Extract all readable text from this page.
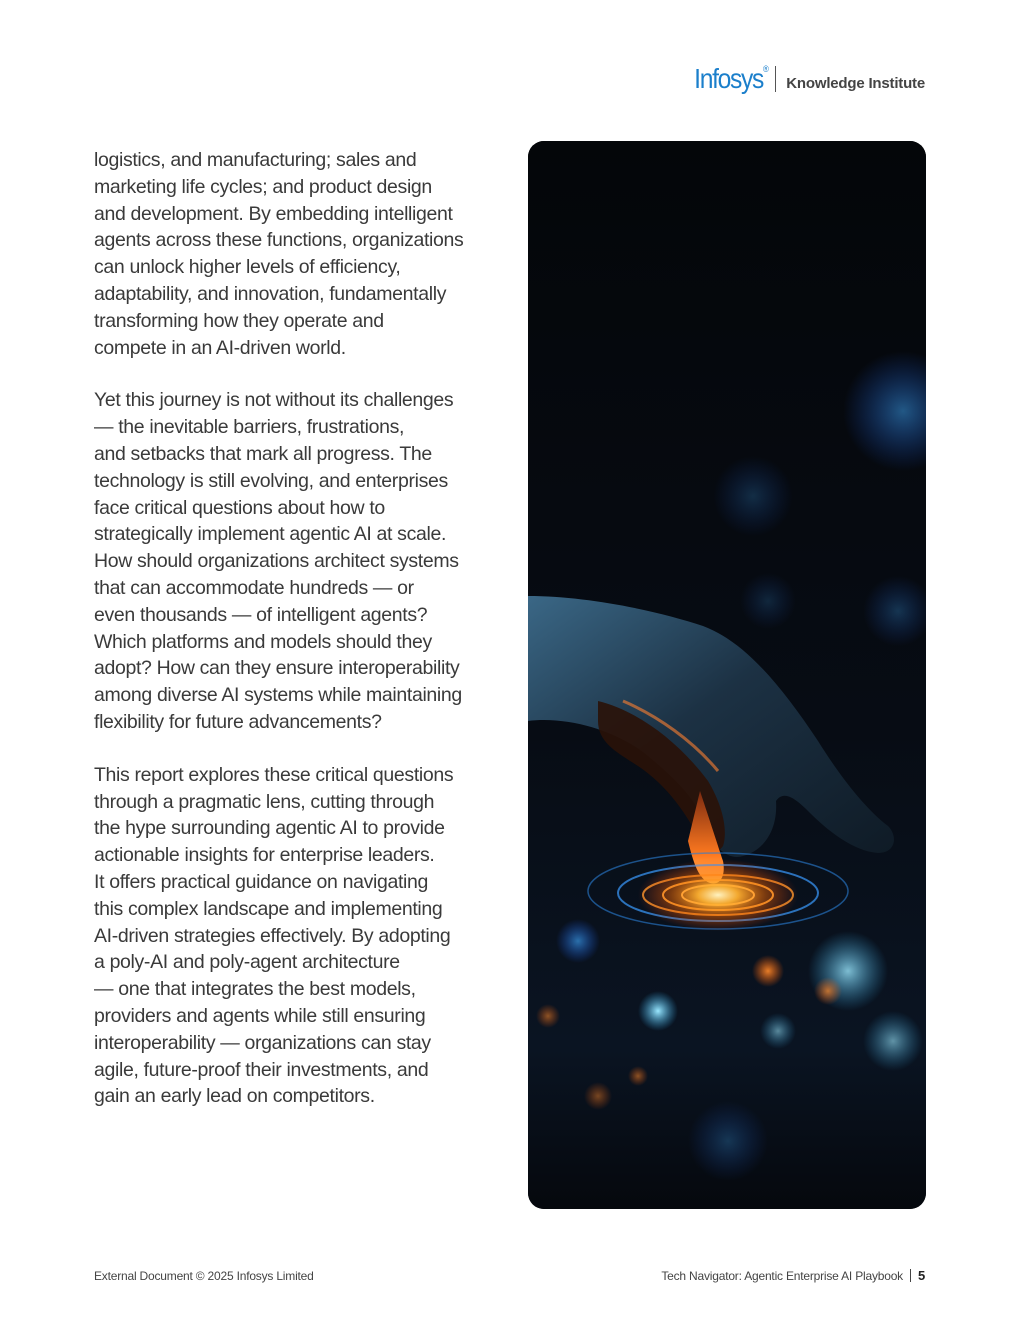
Infosys®
Knowledge Institute

logistics, and manufacturing; sales and
marketing life cycles; and product design
and development. By embedding intelligent
agents across these functions, organizations
can unlock higher levels of efficiency,
adaptability, and innovation, fundamentally
transforming how they operate and
compete in an AI-driven world.

Yet this journey is not without its challenges
— the inevitable barriers, frustrations,
and setbacks that mark all progress. The
technology is still evolving, and enterprises
face critical questions about how to
strategically implement agentic AI at scale.
How should organizations architect systems
that can accommodate hundreds — or
even thousands — of intelligent agents?
Which platforms and models should they
adopt? How can they ensure interoperability
among diverse AI systems while maintaining
flexibility for future advancements?

This report explores these critical questions
through a pragmatic lens, cutting through
the hype surrounding agentic AI to provide
actionable insights for enterprise leaders.
It offers practical guidance on navigating
this complex landscape and implementing
AI-driven strategies effectively. By adopting
a poly-AI and poly-agent architecture
— one that integrates the best models,
providers and agents while still ensuring
interoperability — organizations can stay
agile, future-proof their investments, and
gain an early lead on competitors.

External Document © 2025 Infosys Limited	Tech Navigator: Agentic Enterprise AI Playbook 5
